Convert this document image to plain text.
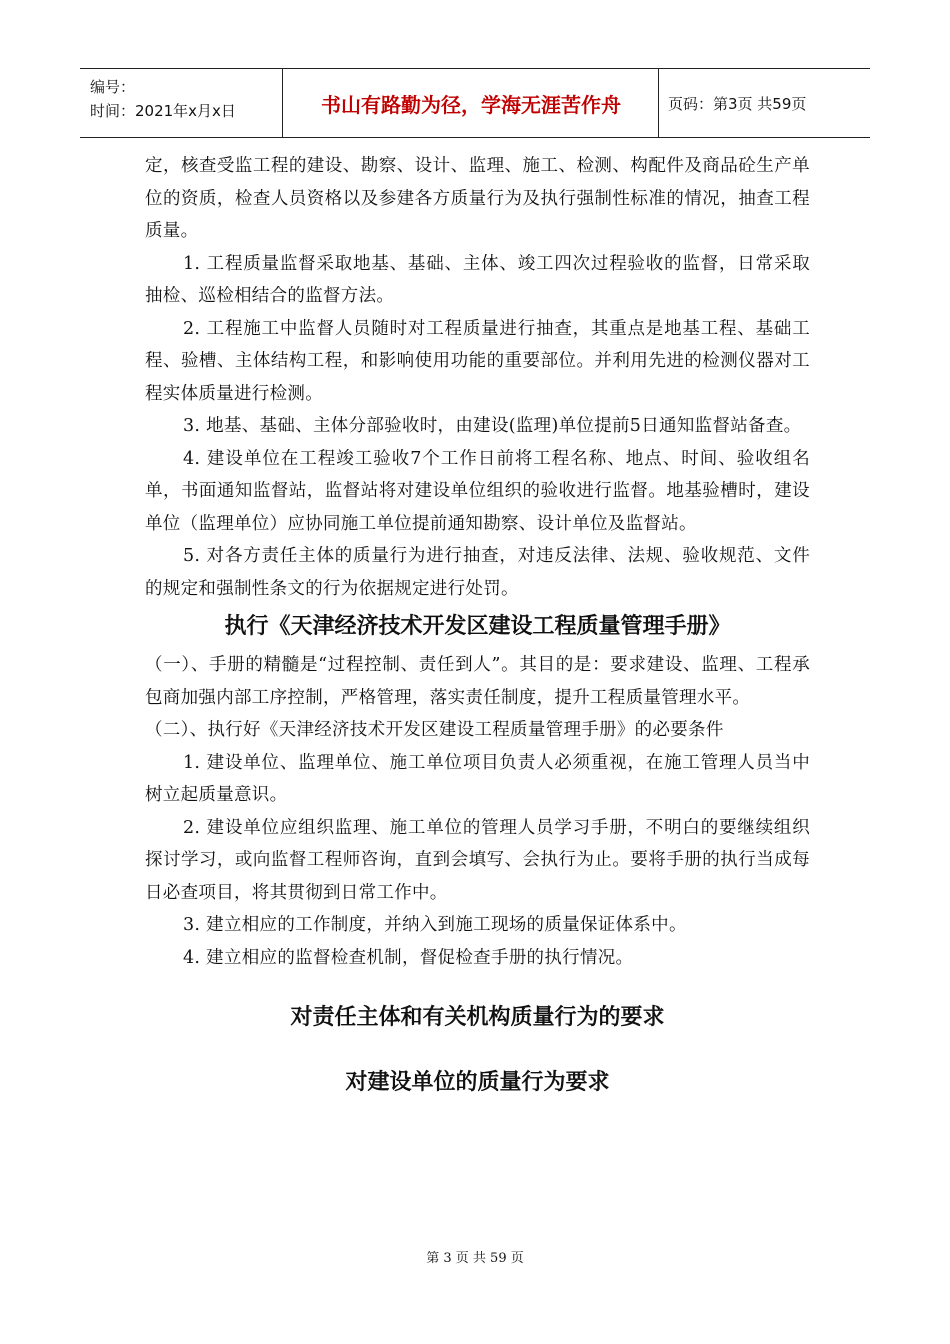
编号：
时间：2021年x月x日	书山有路勤为径，学海无涯苦作舟	页码：第3页 共59页

定，核查受监工程的建设、勘察、设计、监理、施工、检测、构配件及商品砼生产单位的资质，检查人员资格以及参建各方质量行为及执行强制性标准的情况，抽查工程质量。

1. 工程质量监督采取地基、基础、主体、竣工四次过程验收的监督，日常采取抽检、巡检相结合的监督方法。

2. 工程施工中监督人员随时对工程质量进行抽查，其重点是地基工程、基础工程、验槽、主体结构工程，和影响使用功能的重要部位。并利用先进的检测仪器对工程实体质量进行检测。

3. 地基、基础、主体分部验收时，由建设(监理)单位提前5日通知监督站备查。

4. 建设单位在工程竣工验收7个工作日前将工程名称、地点、时间、验收组名单，书面通知监督站，监督站将对建设单位组织的验收进行监督。地基验槽时，建设单位（监理单位）应协同施工单位提前通知勘察、设计单位及监督站。

5. 对各方责任主体的质量行为进行抽查，对违反法律、法规、验收规范、文件的规定和强制性条文的行为依据规定进行处罚。

执行《天津经济技术开发区建设工程质量管理手册》

（一）、手册的精髓是“过程控制、责任到人”。其目的是：要求建设、监理、工程承包商加强内部工序控制，严格管理，落实责任制度，提升工程质量管理水平。

（二）、执行好《天津经济技术开发区建设工程质量管理手册》的必要条件

1. 建设单位、监理单位、施工单位项目负责人必须重视，在施工管理人员当中树立起质量意识。

2. 建设单位应组织监理、施工单位的管理人员学习手册，不明白的要继续组织探讨学习，或向监督工程师咨询，直到会填写、会执行为止。要将手册的执行当成每日必查项目，将其贯彻到日常工作中。

3. 建立相应的工作制度，并纳入到施工现场的质量保证体系中。

4. 建立相应的监督检查机制，督促检查手册的执行情况。

对责任主体和有关机构质量行为的要求
对建设单位的质量行为要求
第 3 页 共 59 页
